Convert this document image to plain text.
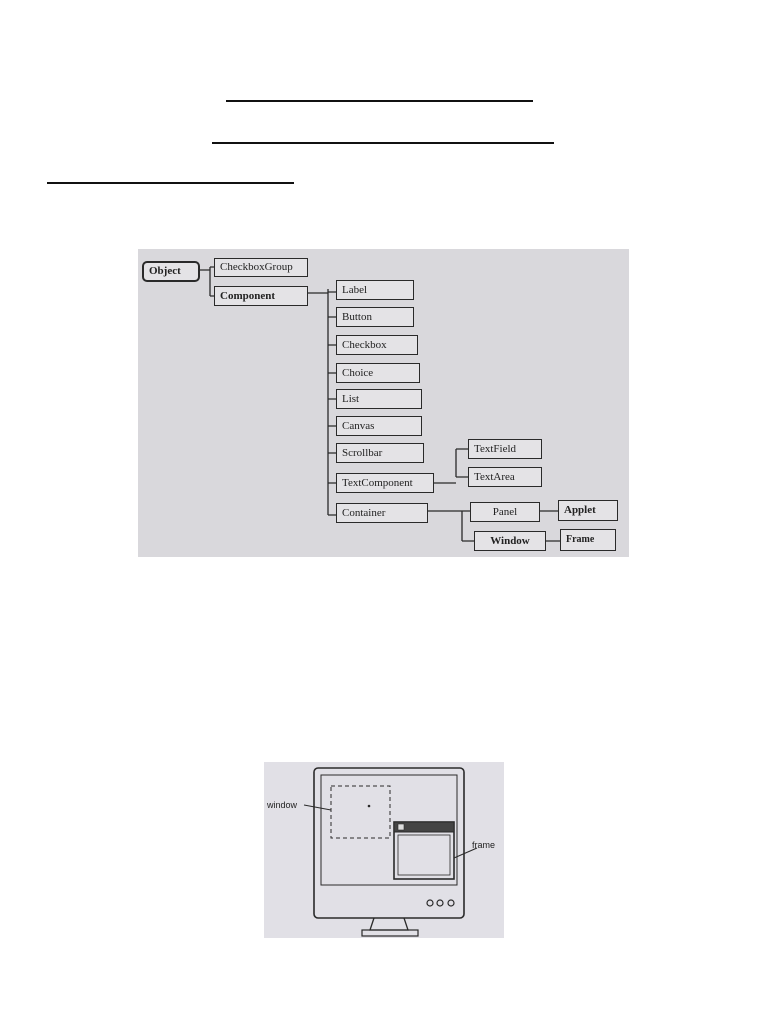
Object	CheckboxGroup
Component	Label
Button
Checkbox
Choice
List
Canvas
Scrollbar
TextComponent
Container
TextField
TextArea
Panel
Window
Applet
Frame
window
frame
